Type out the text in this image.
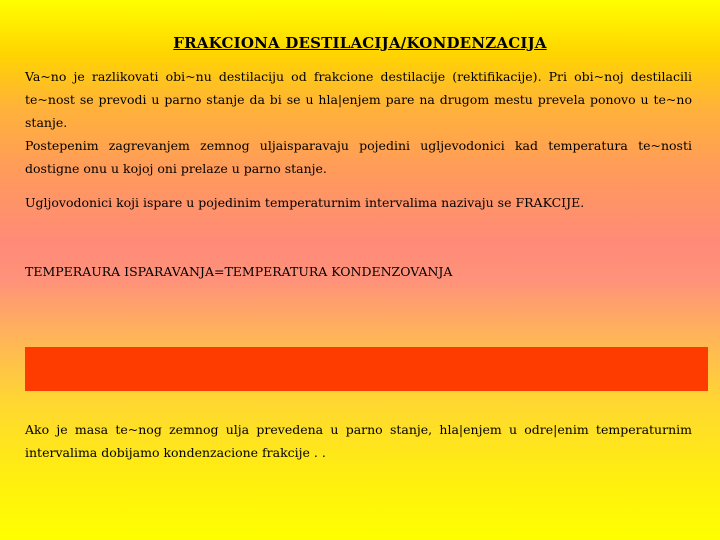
FRAKCIONA DESTILACIJA/KONDENZACIJA

Va~no je razlikovati obi~nu destilaciju od frakcione destilacije (rektifikacije). Pri obi~noj destilacili te~nost se prevodi u parno stanje da bi se u hla|enjem pare na drugom mestu prevela ponovo u te~no stanje.

Postepenim zagrevanjem zemnog uljaisparavaju pojedini ugljevodonici kad temperatura te~nosti dostigne onu u kojoj oni prelaze u parno stanje.

Ugljovodonici koji ispare u pojedinim temperaturnim intervalima nazivaju se FRAKCIJE.

TEMPERAURA ISPARAVANJA=TEMPERATURA KONDENZOVANJA

Ako je masa te~nog zemnog ulja prevedena u parno stanje, hla|enjem u odre|enim temperaturnim intervalima dobijamo kondenzacione frakcije . .
